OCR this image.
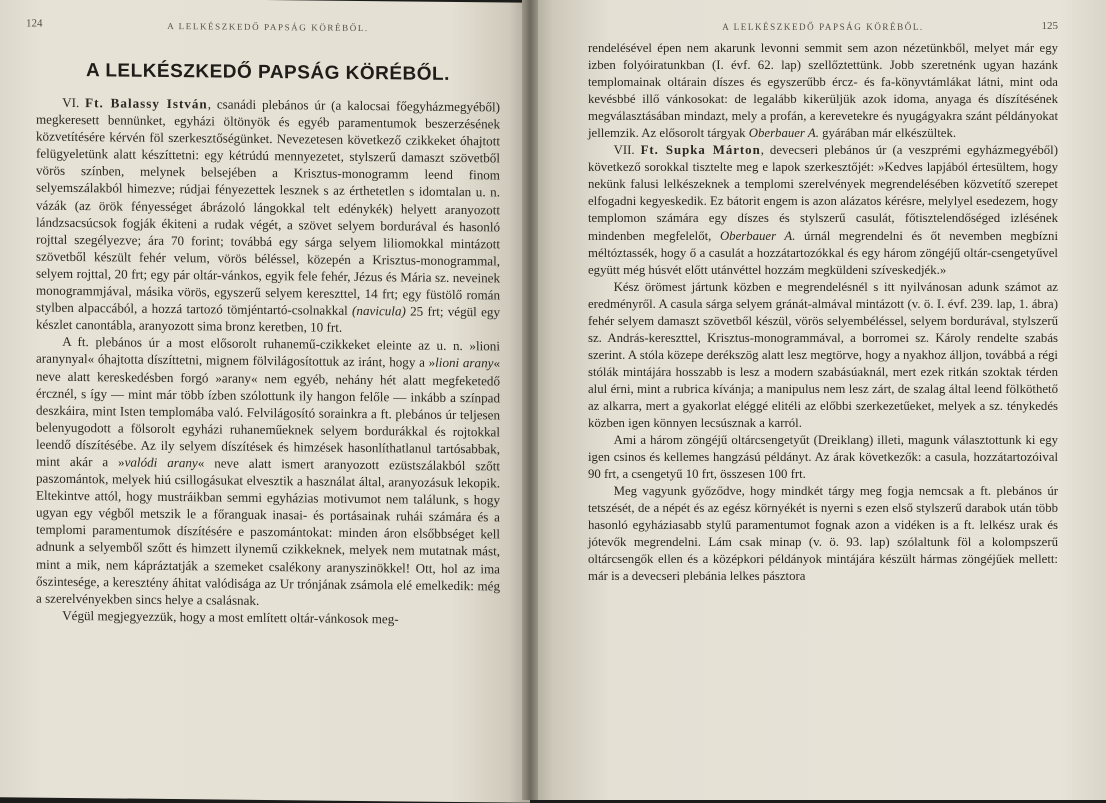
124	A LELKÉSZKEDŐ PAPSÁG KÖRÉBŐL.
A LELKÉSZKEDŐ PAPSÁG KÖRÉBŐL.

VI. Ft. Balassy István, csanádi plebános úr (a kalocsai főegyházmegyéből) megkeresett bennünket, egyházi öltönyök és egyéb paramentumok beszerzésének közvetítésére kérvén föl szerkesztőségünket. Nevezetesen következő czikkeket óhajtott felügyeletünk alatt készíttetni: egy kétrúdú mennyezetet, stylszerű damaszt szövetből vörös színben, melynek belsejében a Krisztus-monogramm leend finom selyemszálakból himezve; rúdjai fényezettek lesznek s az érthetetlen s idomtalan u. n. vázák (az örök fényességet ábrázoló lángokkal telt edénykék) helyett aranyozott lándzsacsúcsok fogják ékiteni a rudak végét, a szövet selyem bordurával és hasonló rojttal szegélyezve; ára 70 forint; továbbá egy sárga selyem liliomokkal mintázott szövetből készült fehér velum, vörös béléssel, közepén a Krisztus-monogrammal, selyem rojttal, 20 frt; egy pár oltár-vánkos, egyik fele fehér, Jézus és Mária sz. neveinek monogrammjával, másika vörös, egyszerű selyem kereszttel, 14 frt; egy füstölő román stylben alpaccából, a hozzá tartozó tömjéntartó-csolnakkal (navicula) 25 frt; végül egy készlet canontábla, aranyozott sima bronz keretben, 10 frt.

A ft. plebános úr a most elősorolt ruhanemű-czikkeket eleinte az u. n. »lioni aranynyal« óhajtotta díszíttetni, mignem fölvilágosítottuk az iránt, hogy a »lioni arany« neve alatt kereskedésben forgó »arany« nem egyéb, nehány hét alatt megfeketedő ércznél, s így — mint már több ízben szólottunk ily hangon felőle — inkább a színpad deszkáira, mint Isten templomába való. Felvilágosító sorainkra a ft. plebános úr teljesen belenyugodott a fölsorolt egyházi ruhaneműeknek selyem bordurákkal és rojtokkal leendő díszítésébe. Az ily selyem díszítések és himzések hasonlíthatlanul tartósabbak, mint akár a »valódi arany« neve alatt ismert aranyozott ezüstszálakból szőtt paszomántok, melyek hiú csillogásukat elvesztik a használat által, aranyozásuk lekopik. Eltekintve attól, hogy mustráikban semmi egyházias motivumot nem találunk, s hogy ugyan egy végből metszik le a főranguak inasai- és portásainak ruhái számára és a templomi paramentumok díszítésére e paszomántokat: minden áron elsőbbséget kell adnunk a selyemből szőtt és himzett ilynemű czikkeknek, melyek nem mutatnak mást, mint a mik, nem kápráztatják a szemeket csalékony aranyszinökkel! Ott, hol az ima őszintesége, a keresztény áhitat valódisága az Ur trónjának zsámola elé emelkedik: még a szerelvényekben sincs helye a csalásnak.

Végül megjegyezzük, hogy a most említett oltár-vánkosok meg-

A LELKÉSZKEDŐ PAPSÁG KÖRÉBŐL.	125

rendelésével épen nem akarunk levonni semmit sem azon nézetünkből, melyet már egy izben folyóiratunkban (I. évf. 62. lap) szellőztettünk. Jobb szeretnénk ugyan hazánk templomainak oltárain díszes és egyszerűbb ércz- és fa-könyvtámlákat látni, mint oda kevésbbé illő vánkosokat: de legalább kikerüljük azok idoma, anyaga és díszítésének megválasztásában mindazt, mely a profán, a kerevetekre és nyugágyakra szánt példányokat jellemzik. Az elősorolt tárgyak Oberbauer A. gyárában már elkészültek.

VII. Ft. Supka Márton, devecseri plebános úr (a veszprémi egyházmegyéből) következő sorokkal tisztelte meg e lapok szerkesztőjét: »Kedves lapjából értesültem, hogy nekünk falusi lelkészeknek a templomi szerelvények megrendelésében közvetítő szerepet elfogadni kegyeskedik. Ez bátorit engem is azon alázatos kérésre, melylyel esedezem, hogy templomon számára egy díszes és stylszerű casulát, főtisztelendőséged izlésének mindenben megfelelőt, Oberbauer A. úrnál megrendelni és őt nevemben megbízni méltóztassék, hogy ő a casulát a hozzátartozókkal és egy három zöngéjű oltár-csengetyűvel együtt még húsvét előtt utánvéttel hozzám megküldeni szíveskedjék.»

Kész örömest jártunk közben e megrendelésnél s itt nyilvánosan adunk számot az eredményről. A casula sárga selyem gránát-almával mintázott (v. ö. I. évf. 239. lap, 1. ábra) fehér selyem damaszt szövetből készül, vörös selyembéléssel, selyem bordurával, stylszerű sz. András-kereszttel, Krisztus-monogrammával, a borromei sz. Károly rendelte szabás szerint. A stóla közepe derékszög alatt lesz megtörve, hogy a nyakhoz álljon, továbbá a régi stólák mintájára hosszabb is lesz a modern szabásúaknál, mert ezek ritkán szoktak térden alul érni, mint a rubrica kívánja; a manipulus nem lesz zárt, de szalag által leend fölköthető az alkarra, mert a gyakorlat eléggé elitéli az előbbi szerkezetűeket, melyek a sz. ténykedés közben igen könnyen lecsúsznak a karról.

Ami a három zöngéjű oltárcsengetyűt (Dreiklang) illeti, magunk választottunk ki egy igen csinos és kellemes hangzású példányt. Az árak következők: a casula, hozzátartozóival 90 frt, a csengetyű 10 frt, összesen 100 frt.

Meg vagyunk győződve, hogy mindkét tárgy meg fogja nemcsak a ft. plebános úr tetszését, de a népét és az egész környékét is nyerni s ezen első stylszerű darabok után több hasonló egyháziasabb stylű paramentumot fognak azon a vidéken is a ft. lelkész urak és jótevők megrendelni. Lám csak minap (v. ö. 93. lap) szólaltunk föl a kolompszerű oltárcsengők ellen és a középkori példányok mintájára készült hármas zöngéjűek mellett: már is a devecseri plebánia lelkes pásztora
